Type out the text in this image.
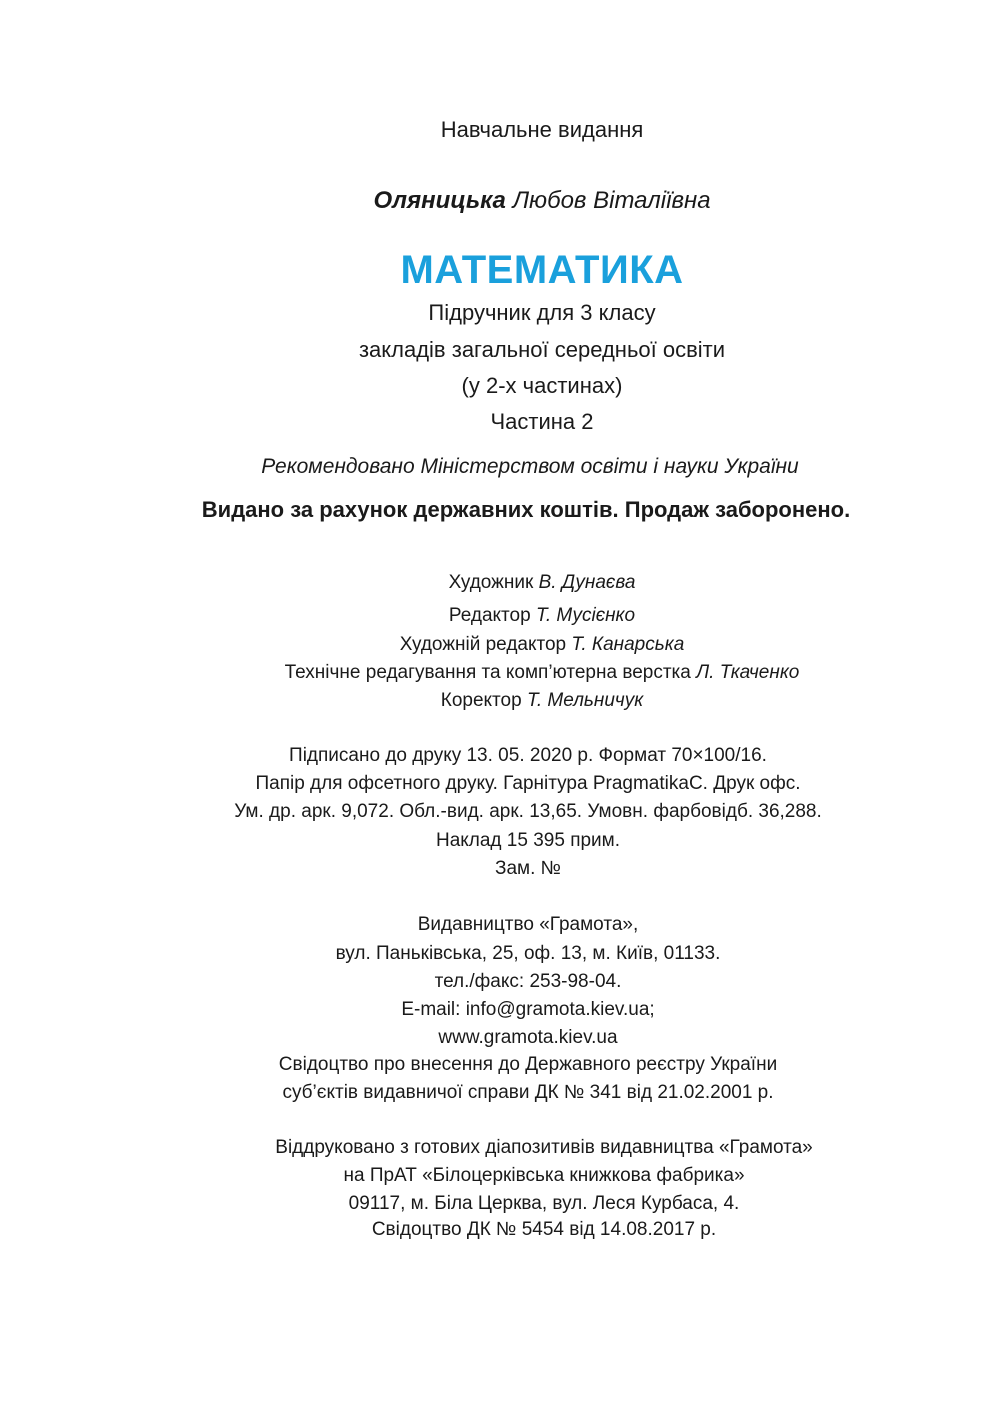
Навчальне видання
Оляницька Любов Віталіївна
МАТЕМАТИКА
Підручник для 3 класу
закладів загальної середньої освіти
(у 2-х частинах)
Частина 2
Рекомендовано Міністерством освіти і науки України
Видано за рахунок державних коштів. Продаж заборонено.
Художник В. Дунаєва
Редактор Т. Мусієнко
Художній редактор Т. Канарська
Технічне редагування та комп’ютерна верстка Л. Ткаченко
Коректор Т. Мельничук
Підписано до друку 13. 05. 2020 р. Формат 70×100/16.
Папір для офсетного друку. Гарнітура PragmatikaC. Друк офс.
Ум. др. арк. 9,072. Обл.-вид. арк. 13,65. Умовн. фарбовідб. 36,288.
Наклад 15 395 прим.
Зам. №
Видавництво «Грамота»,
вул. Паньківська, 25, оф. 13, м. Київ, 01133.
тел./факс: 253-98-04.
E-mail: info@gramota.kiev.ua;
www.gramota.kiev.ua
Свідоцтво про внесення до Державного реєстру України
суб’єктів видавничої справи ДК № 341 від 21.02.2001 р.
Віддруковано з готових діапозитивів видавництва «Грамота»
на ПрАТ «Білоцерківська книжкова фабрика»
09117, м. Біла Церква, вул. Леся Курбаса, 4.
Свідоцтво ДК № 5454 від 14.08.2017 р.
